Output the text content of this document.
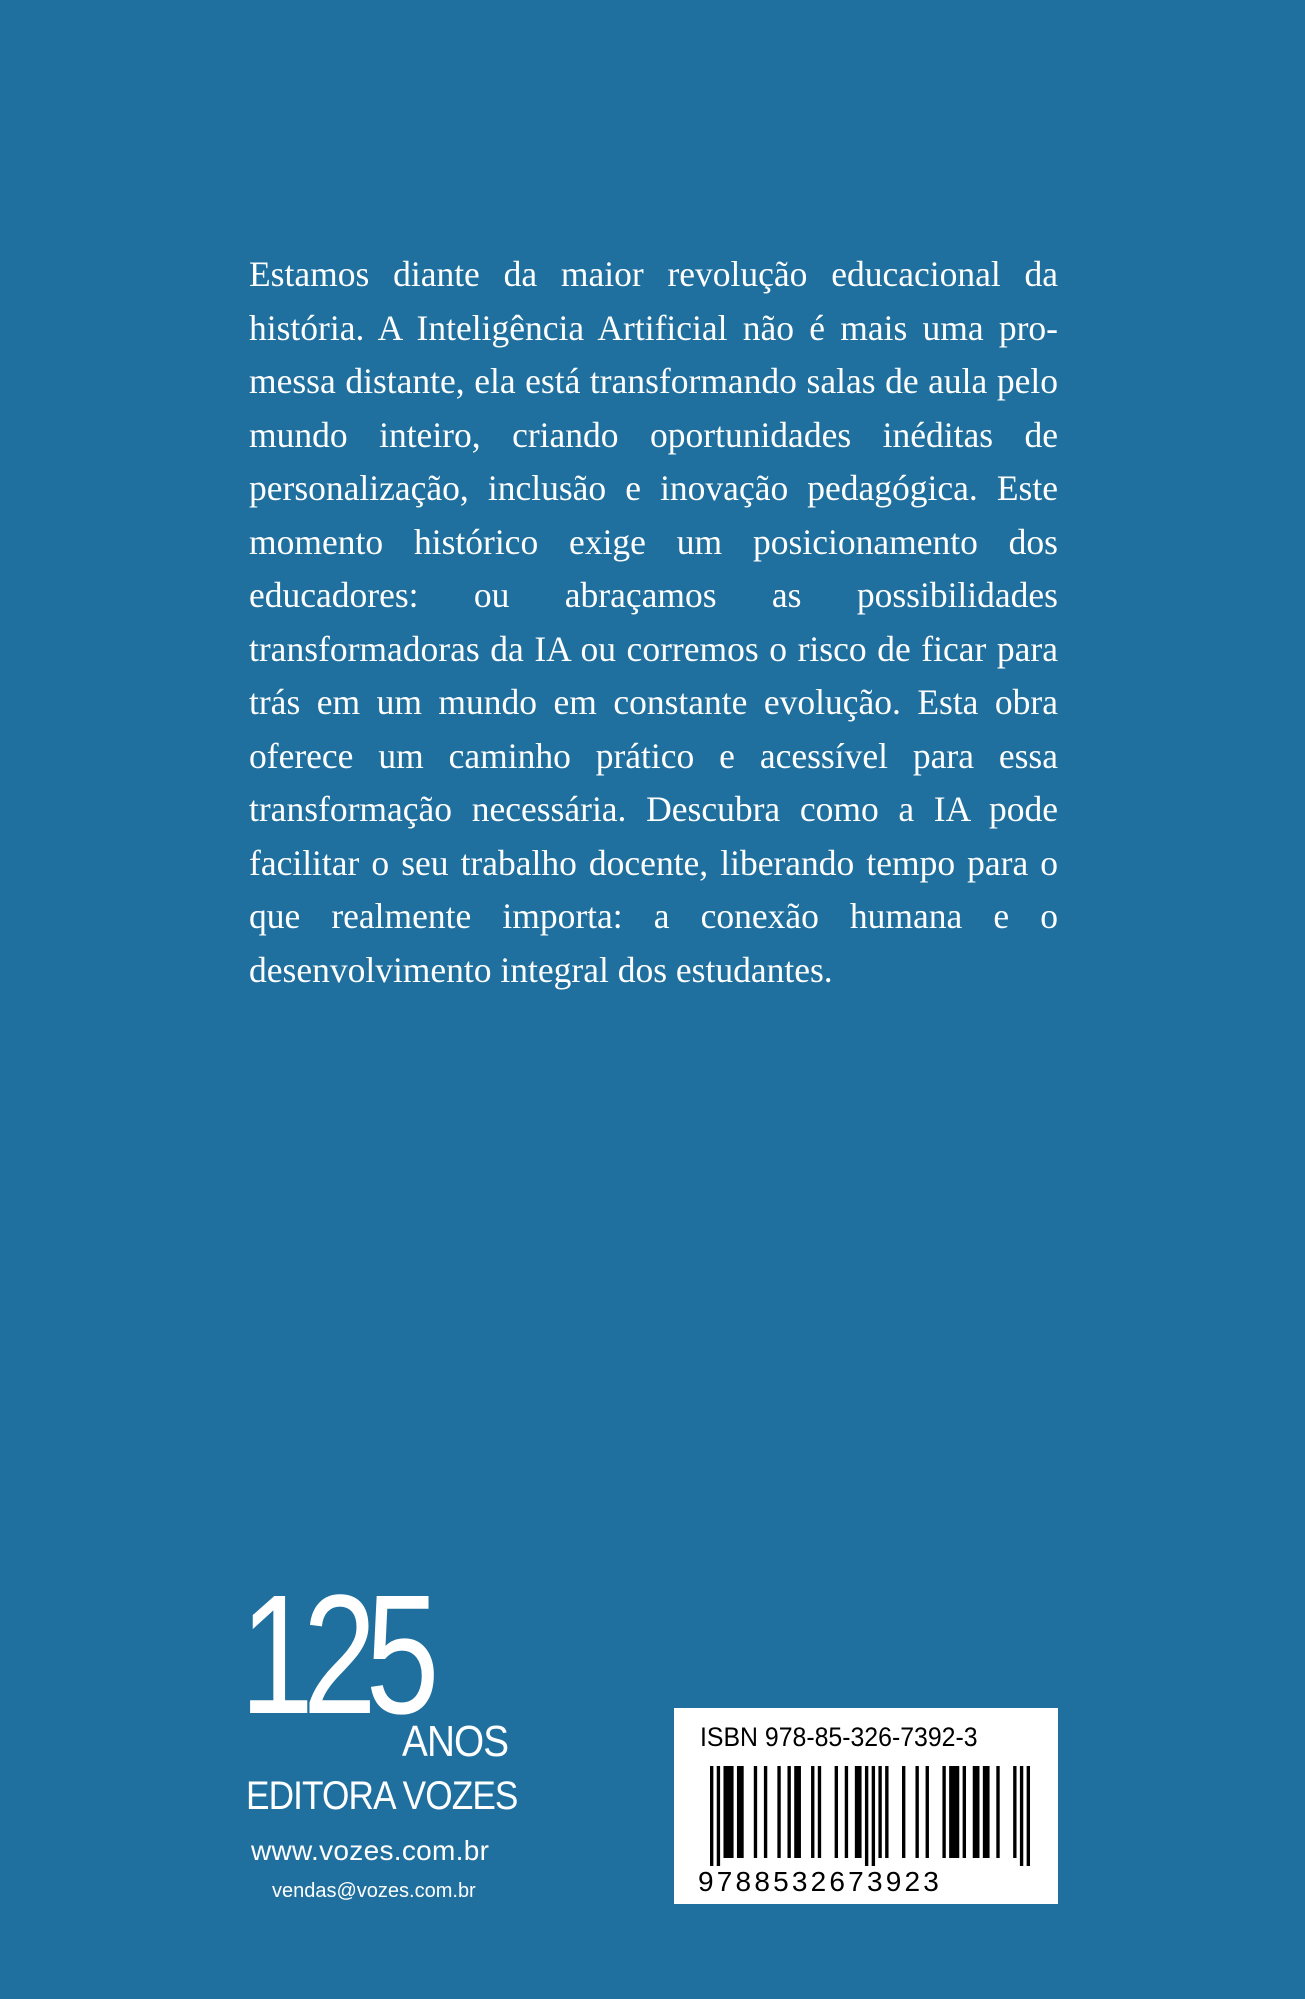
Estamos diante da maior revolução educacional da história. A Inteligência Artificial não é mais uma promessa distante, ela está transformando salas de aula pelo mundo inteiro, criando oportunidades inéditas de personalização, inclusão e inovação pedagógica. Este momento histórico exige um posicionamento dos educadores: ou abraçamos as possibilidades transformadoras da IA ou corremos o risco de ficar para trás em um mundo em constante evolução. Esta obra oferece um caminho prático e acessível para essa transformação necessária. Descubra como a IA pode facilitar o seu trabalho docente, liberando tempo para o que realmente importa: a conexão humana e o desenvolvimento integral dos estudantes.

125
ANOS
EDITORA VOZES
www.vozes.com.br
vendas@vozes.com.br
ISBN 978-85-326-7392-3
9788532673923
